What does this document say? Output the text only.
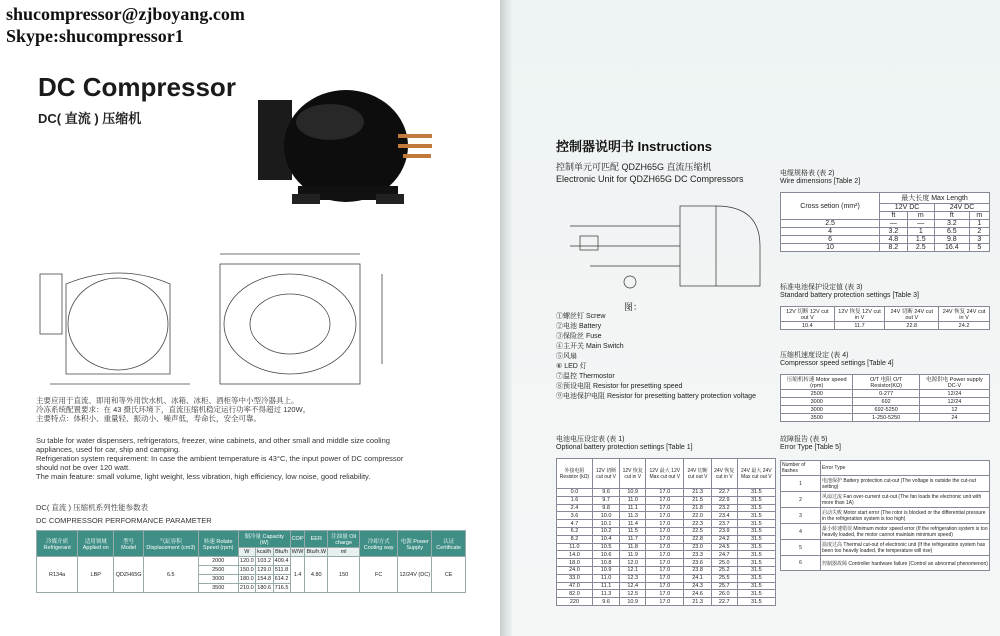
shucompressor@zjboyang.com
Skype:shucompressor1
DC Compressor
DC( 直流 ) 压缩机
主要应用于直流、即用和等外用饮水机、冰箱、冰柜、酒柜等中小型冷器具上。
冷冻系统配置要求：在 43 摄氏环境下，直流压缩机稳定运行功率不得超过 120W。
主要特点：体积小、重量轻、振动小、噪声低，寿命长，安全可靠。
Su table for water dispensers, refrigerators, freezer, wine cabinets, and other small and middle size cooling
appliances, used for car, ship and camping.
Refrigeration system requirement: In case the ambient temperature is 43°C, the input power of DC compressor
should not be over 120 watt.
The main feature: small volume, light weight, less vibration, high efficiency, low noise, good reliability.
DC( 直流 ) 压缩机系列性能参数表
DC COMPRESSOR PERFORMANCE PARAMETER
冷媒介质 Refrigerant	适用领域 Applied on	型号 Model	气缸容积 Displacement (cm3)	转速 Rotate Speed (rpm)	制冷量 Capacity (W)			COP	EER	注油量 Oil charge	冷却方式 Cooling way	电源 Power Supply	认证 Certificate
					W	kcal/h	Btu/h	W/W	Btu/h.W	ml			
R134a	LBP	QDZH65G	6.5	2000	120.0	103.2	409.4	1.4	4.80	150	FC	12/24V (DC)	CE
				2500	150.0	129.0	511.8						
				3000	180.0	154.8	614.2						
				3500	210.0	180.6	716.5						
控制器说明书 Instructions
控制单元可匹配 QDZH65G 直流压缩机
Electronic Unit for QDZH65G DC Compressors
图：
①螺丝钉 Screw
②电池 Battery
③保险丝 Fuse
④主开关 Main Switch
⑤风扇
⑥ LED 灯
⑦温控 Thermostor
⑧预设电阻 Resistor for presetting speed
⑨电池保护电阻 Resistor for presetting battery protection voltage
电缆规格表 (表 2)
Wire dimensions [Table 2]
Cross setion (mm²)	最大长度 Max Length			
	12V DC		24V DC	
	ft	m	ft	m
2.5	—	—	3.2	1
4	3.2	1	6.5	2
6	4.8	1.5	9.8	3
10	8.2	2.5	16.4	5
标准电池保护设定值 (表 3)
Standard battery protection settings [Table 3]
12V 切断 12V cut out V	12V 恢复 12V cut in V	24V 切断 24V cut out V	24V 恢复 24V cut in V
10.4	11.7	22.8	24.2
压缩机速度设定 (表 4)
Compressor speed settings [Table 4]
压缩机转速 Motor speed (rpm)	O/T 电阻 O/T Resistor(KΩ)	电源供电 Power supply DC-V
2500	0-277	12/24
3000	692	12/24
3000	692-5250	12
3500	1-250-5250	24
电池电压设定表 (表 1)
Optional battery protection settings [Table 1]
外接电阻 Resistor (kΩ)	12V 切断 cut out V	12V 恢复 cut in V	12V 最大 12V Max cut out V	24V 切断 cut out V	24V 恢复 cut in V	24V 最大 24V Max cut out V
0.0	9.6	10.9	17.0	21.3	22.7	31.5
1.6	9.7	11.0	17.0	21.5	22.9	31.5
2.4	9.8	11.1	17.0	21.8	23.2	31.5
3.6	10.0	11.3	17.0	22.0	23.4	31.5
4.7	10.1	11.4	17.0	22.3	23.7	31.5
6.2	10.2	11.5	17.0	22.5	23.9	31.5
8.2	10.4	11.7	17.0	22.8	24.2	31.5
11.0	10.5	11.8	17.0	23.0	24.5	31.5
14.0	10.6	11.9	17.0	23.3	24.7	31.5
18.0	10.8	12.0	17.0	23.6	25.0	31.5
24.0	10.9	12.1	17.0	23.8	25.2	31.5
33.0	11.0	12.3	17.0	24.1	25.5	31.5
47.0	11.1	12.4	17.0	24.3	25.7	31.5
82.0	11.3	12.5	17.0	24.6	26.0	31.5
220	9.6	10.9	17.0	21.3	22.7	31.5
故障报告 (表 5)
Error Type [Table 5]
Number of flashes	Error Type
1	电池保护 Battery protection cut-out (The voltage is outside the cut-out setting)
2	风扇过流 Fan over-current cut-out (The fan loads the electronic unit with more than 1A)
3	启动失败 Motor start error (The rotor is blocked or the differential pressure in the refrigeration system is too high)
4	最小转速错误 Minimum motor speed error (If the refrigeration system is too heavily loaded, the motor cannot maintain minimum speed)
5	温度过高 Thermal cut-out of electronic unit (If the refrigeration system has been too heavily loaded, the temperature will rise)
6	控制器故障 Controller hardware failure (Control an abnormal phenomenon)
